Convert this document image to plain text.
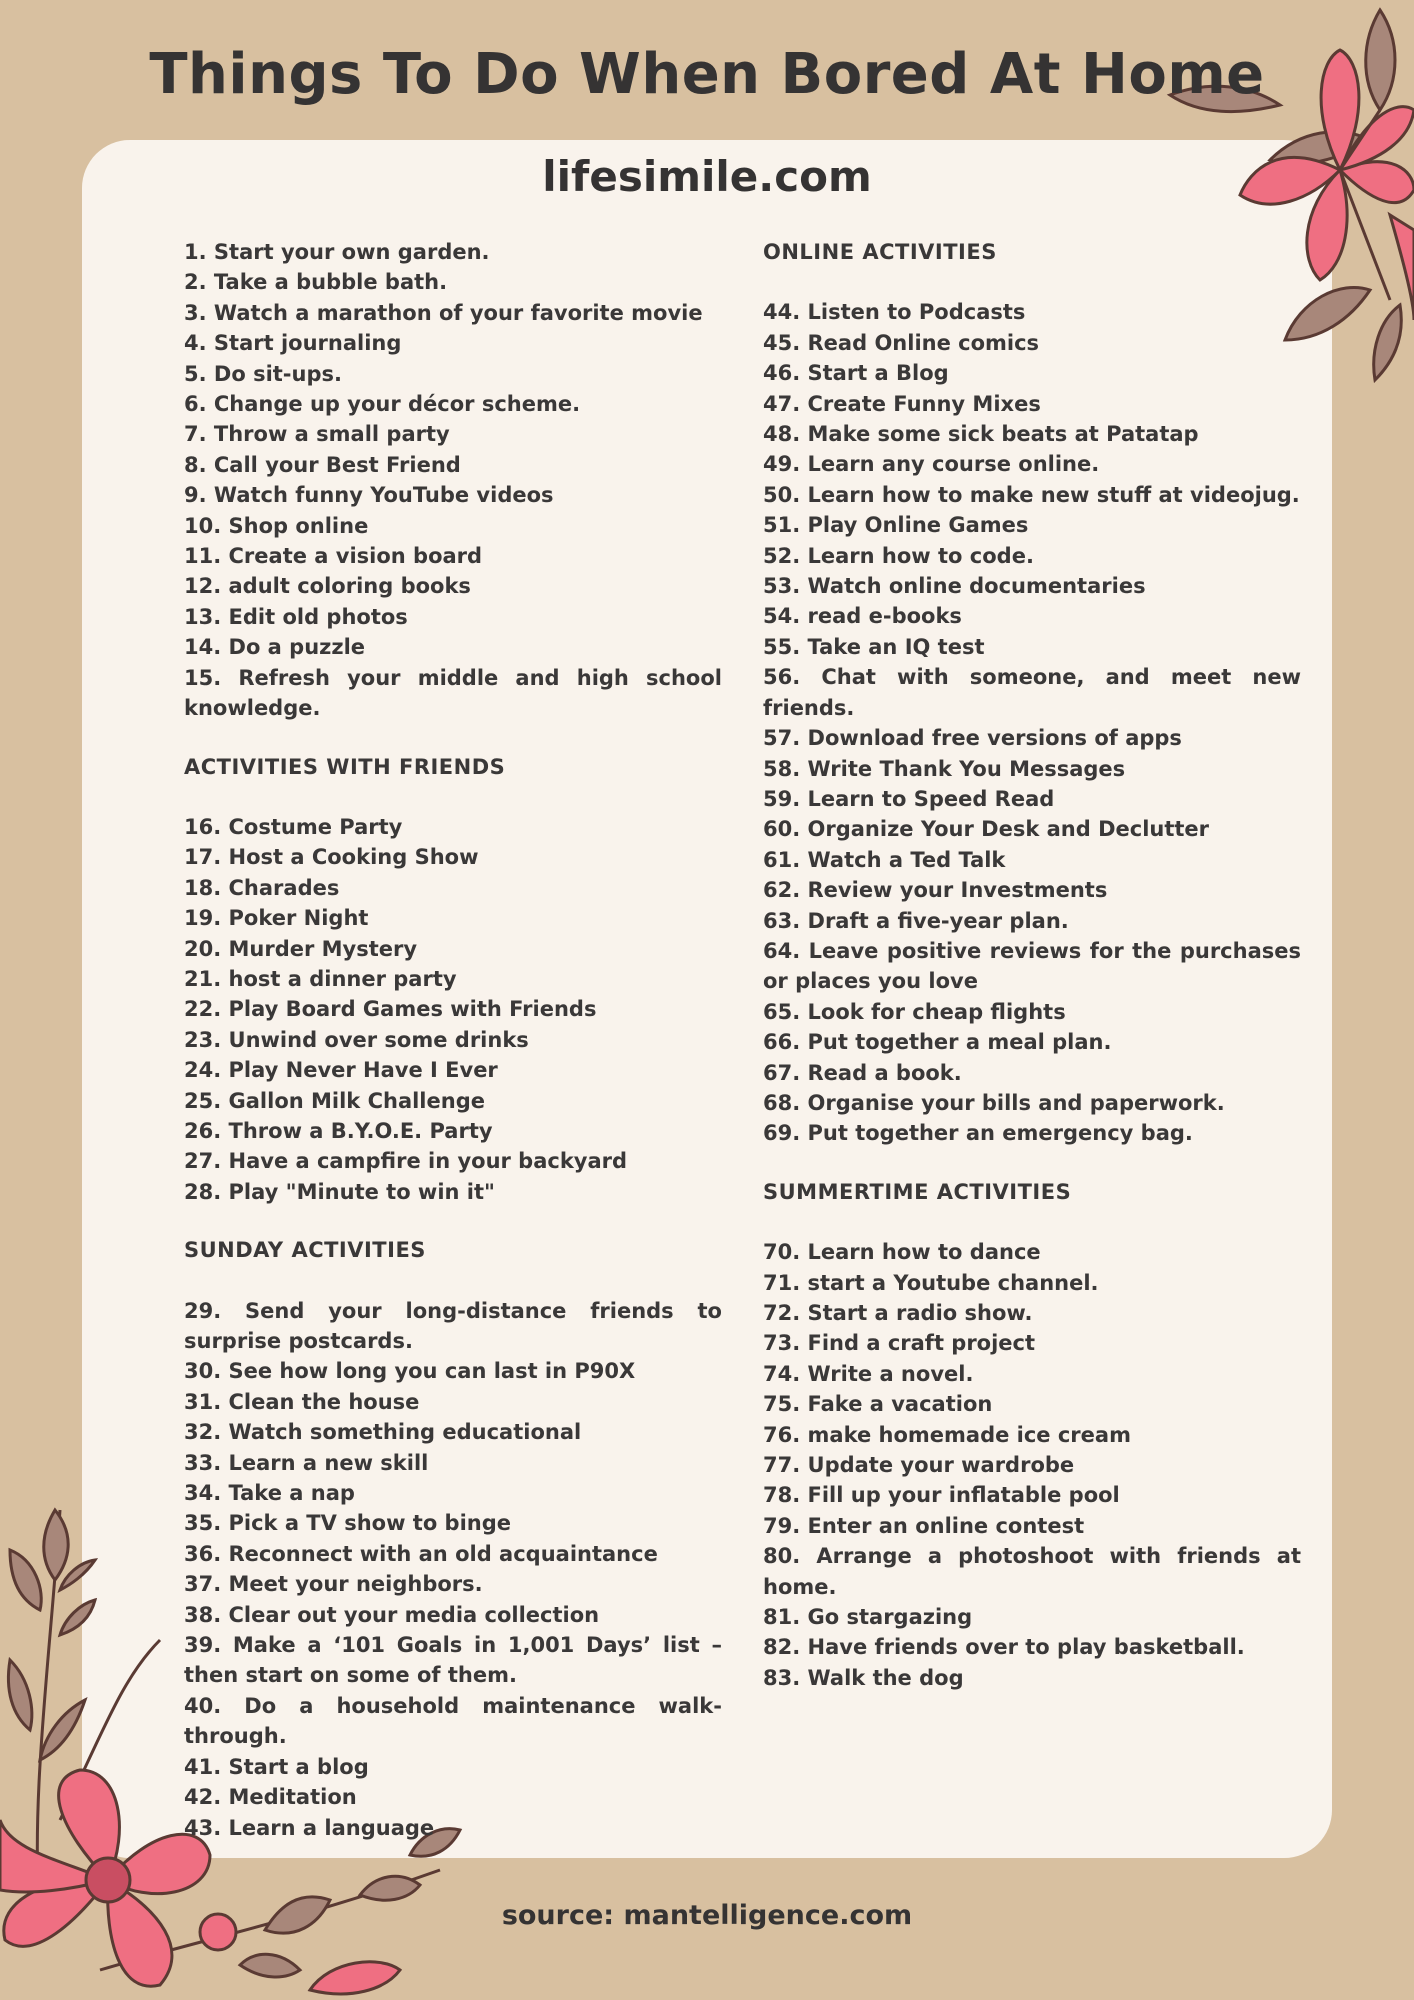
Things To Do When Bored At Home
lifesimile.com
1. Start your own garden.
2. Take a bubble bath.
3. Watch a marathon of your favorite movie
4. Start journaling
5. Do sit-ups.
6. Change up your décor scheme.
7. Throw a small party
8. Call your Best Friend
9. Watch funny YouTube videos
10. Shop online
11. Create a vision board
12. adult coloring books
13. Edit old photos
14. Do a puzzle
15. Refresh your middle and high school knowledge.
ACTIVITIES WITH FRIENDS
16. Costume Party
17. Host a Cooking Show
18. Charades
19. Poker Night
20. Murder Mystery
21. host a dinner party
22. Play Board Games with Friends
23. Unwind over some drinks
24. Play Never Have I Ever
25. Gallon Milk Challenge
26. Throw a B.Y.O.E. Party
27. Have a campfire in your backyard
28. Play "Minute to win it"
SUNDAY ACTIVITIES
29. Send your long-distance friends to surprise postcards.
30. See how long you can last in P90X
31. Clean the house
32. Watch something educational
33. Learn a new skill
34. Take a nap
35. Pick a TV show to binge
36. Reconnect with an old acquaintance
37. Meet your neighbors.
38. Clear out your media collection
39. Make a ‘101 Goals in 1,001 Days’ list – then start on some of them.
40. Do a household maintenance walk-through.
41. Start a blog
42. Meditation
43. Learn a language
ONLINE ACTIVITIES
44. Listen to Podcasts
45. Read Online comics
46. Start a Blog
47. Create Funny Mixes
48. Make some sick beats at Patatap
49. Learn any course online.
50. Learn how to make new stuff at videojug.
51. Play Online Games
52. Learn how to code.
53. Watch online documentaries
54. read e-books
55. Take an IQ test
56. Chat with someone, and meet new friends.
57. Download free versions of apps
58. Write Thank You Messages
59. Learn to Speed Read
60. Organize Your Desk and Declutter
61. Watch a Ted Talk
62. Review your Investments
63. Draft a five-year plan.
64. Leave positive reviews for the purchases or places you love
65. Look for cheap flights
66. Put together a meal plan.
67. Read a book.
68. Organise your bills and paperwork.
69. Put together an emergency bag.
SUMMERTIME ACTIVITIES
70. Learn how to dance
71. start a Youtube channel.
72. Start a radio show.
73. Find a craft project
74. Write a novel.
75. Fake a vacation
76. make homemade ice cream
77. Update your wardrobe
78. Fill up your inflatable pool
79. Enter an online contest
80. Arrange a photoshoot with friends at home.
81. Go stargazing
82. Have friends over to play basketball.
83. Walk the dog
source: mantelligence.com
